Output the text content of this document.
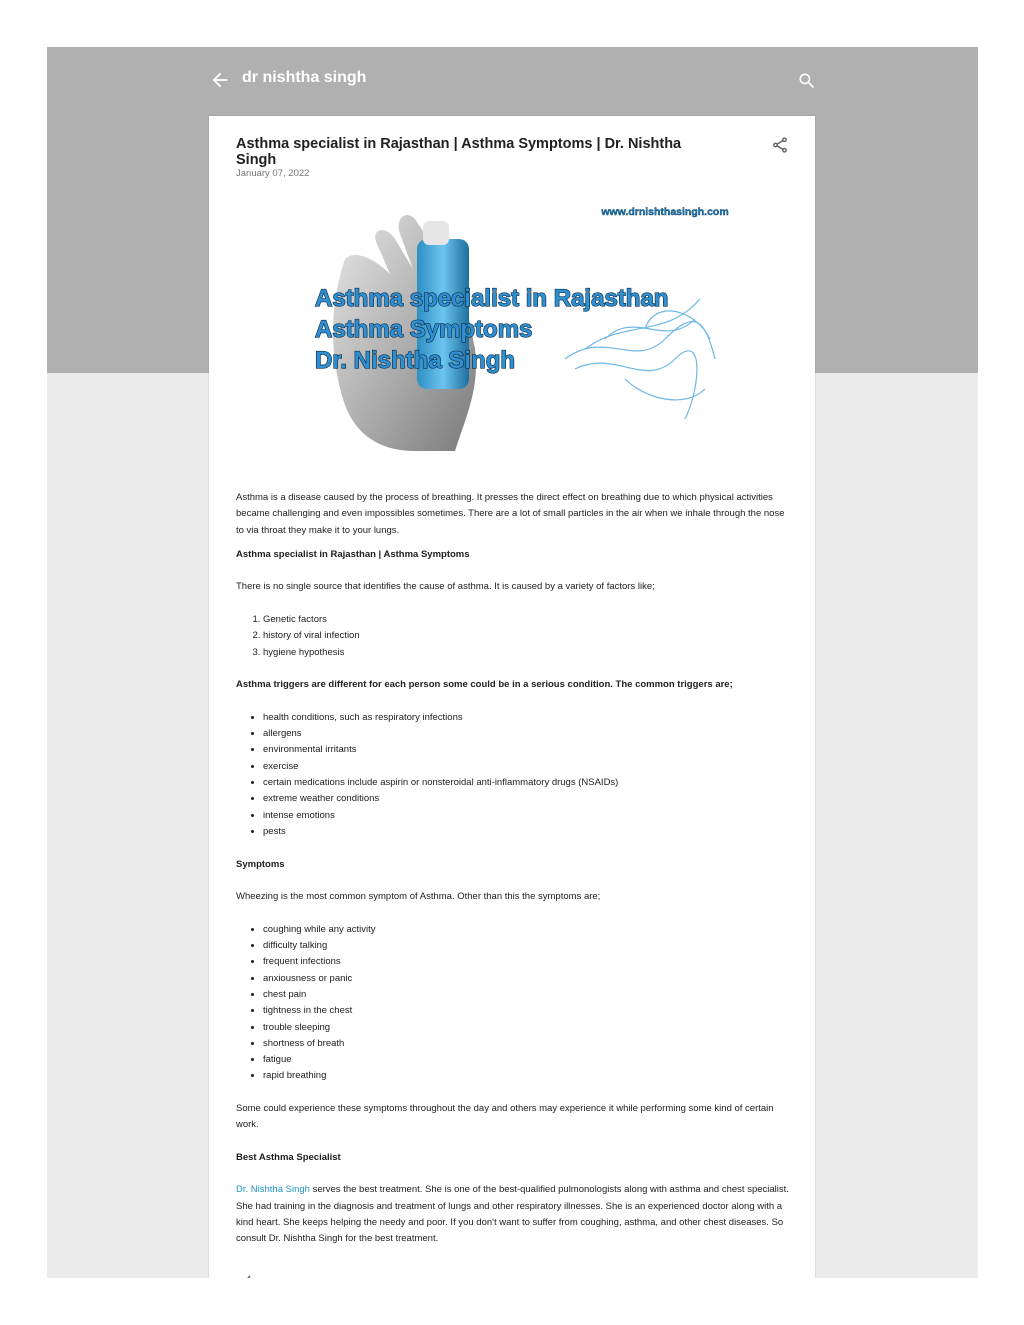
dr nishtha singh
Asthma specialist in Rajasthan | Asthma Symptoms | Dr. Nishtha Singh
January 07, 2022
www.drnishthasingh.com
Asthma specialist in Rajasthan
Asthma Symptoms
Dr. Nishtha Singh

Asthma is a disease caused by the process of breathing. It presses the direct effect on breathing due to which physical activities became challenging and even impossibles sometimes. There are a lot of small particles in the air when we inhale through the nose to via throat they make it to your lungs.

Asthma specialist in Rajasthan | Asthma Symptoms

There is no single source that identifies the cause of asthma. It is caused by a variety of factors like;

1. Genetic factors
2. history of viral infection
3. hygiene hypothesis

Asthma triggers are different for each person some could be in a serious condition. The common triggers are;

• health conditions, such as respiratory infections
• allergens
• environmental irritants
• exercise
• certain medications include aspirin or nonsteroidal anti-inflammatory drugs (NSAIDs)
• extreme weather conditions
• intense emotions
• pests

Symptoms

Wheezing is the most common symptom of Asthma. Other than this the symptoms are;

• coughing while any activity
• difficulty talking
• frequent infections
• anxiousness or panic
• chest pain
• tightness in the chest
• trouble sleeping
• shortness of breath
• fatigue
• rapid breathing

Some could experience these symptoms throughout the day and others may experience it while performing some kind of certain work.

Best Asthma Specialist

Dr. Nishtha Singh serves the best treatment. She is one of the best-qualified pulmonologists along with asthma and chest specialist. She had training in the diagnosis and treatment of lungs and other respiratory illnesses. She is an experienced doctor along with a kind heart. She keeps helping the needy and poor. If you don't want to suffer from coughing, asthma, and other chest diseases. So consult Dr. Nishtha Singh for the best treatment.
